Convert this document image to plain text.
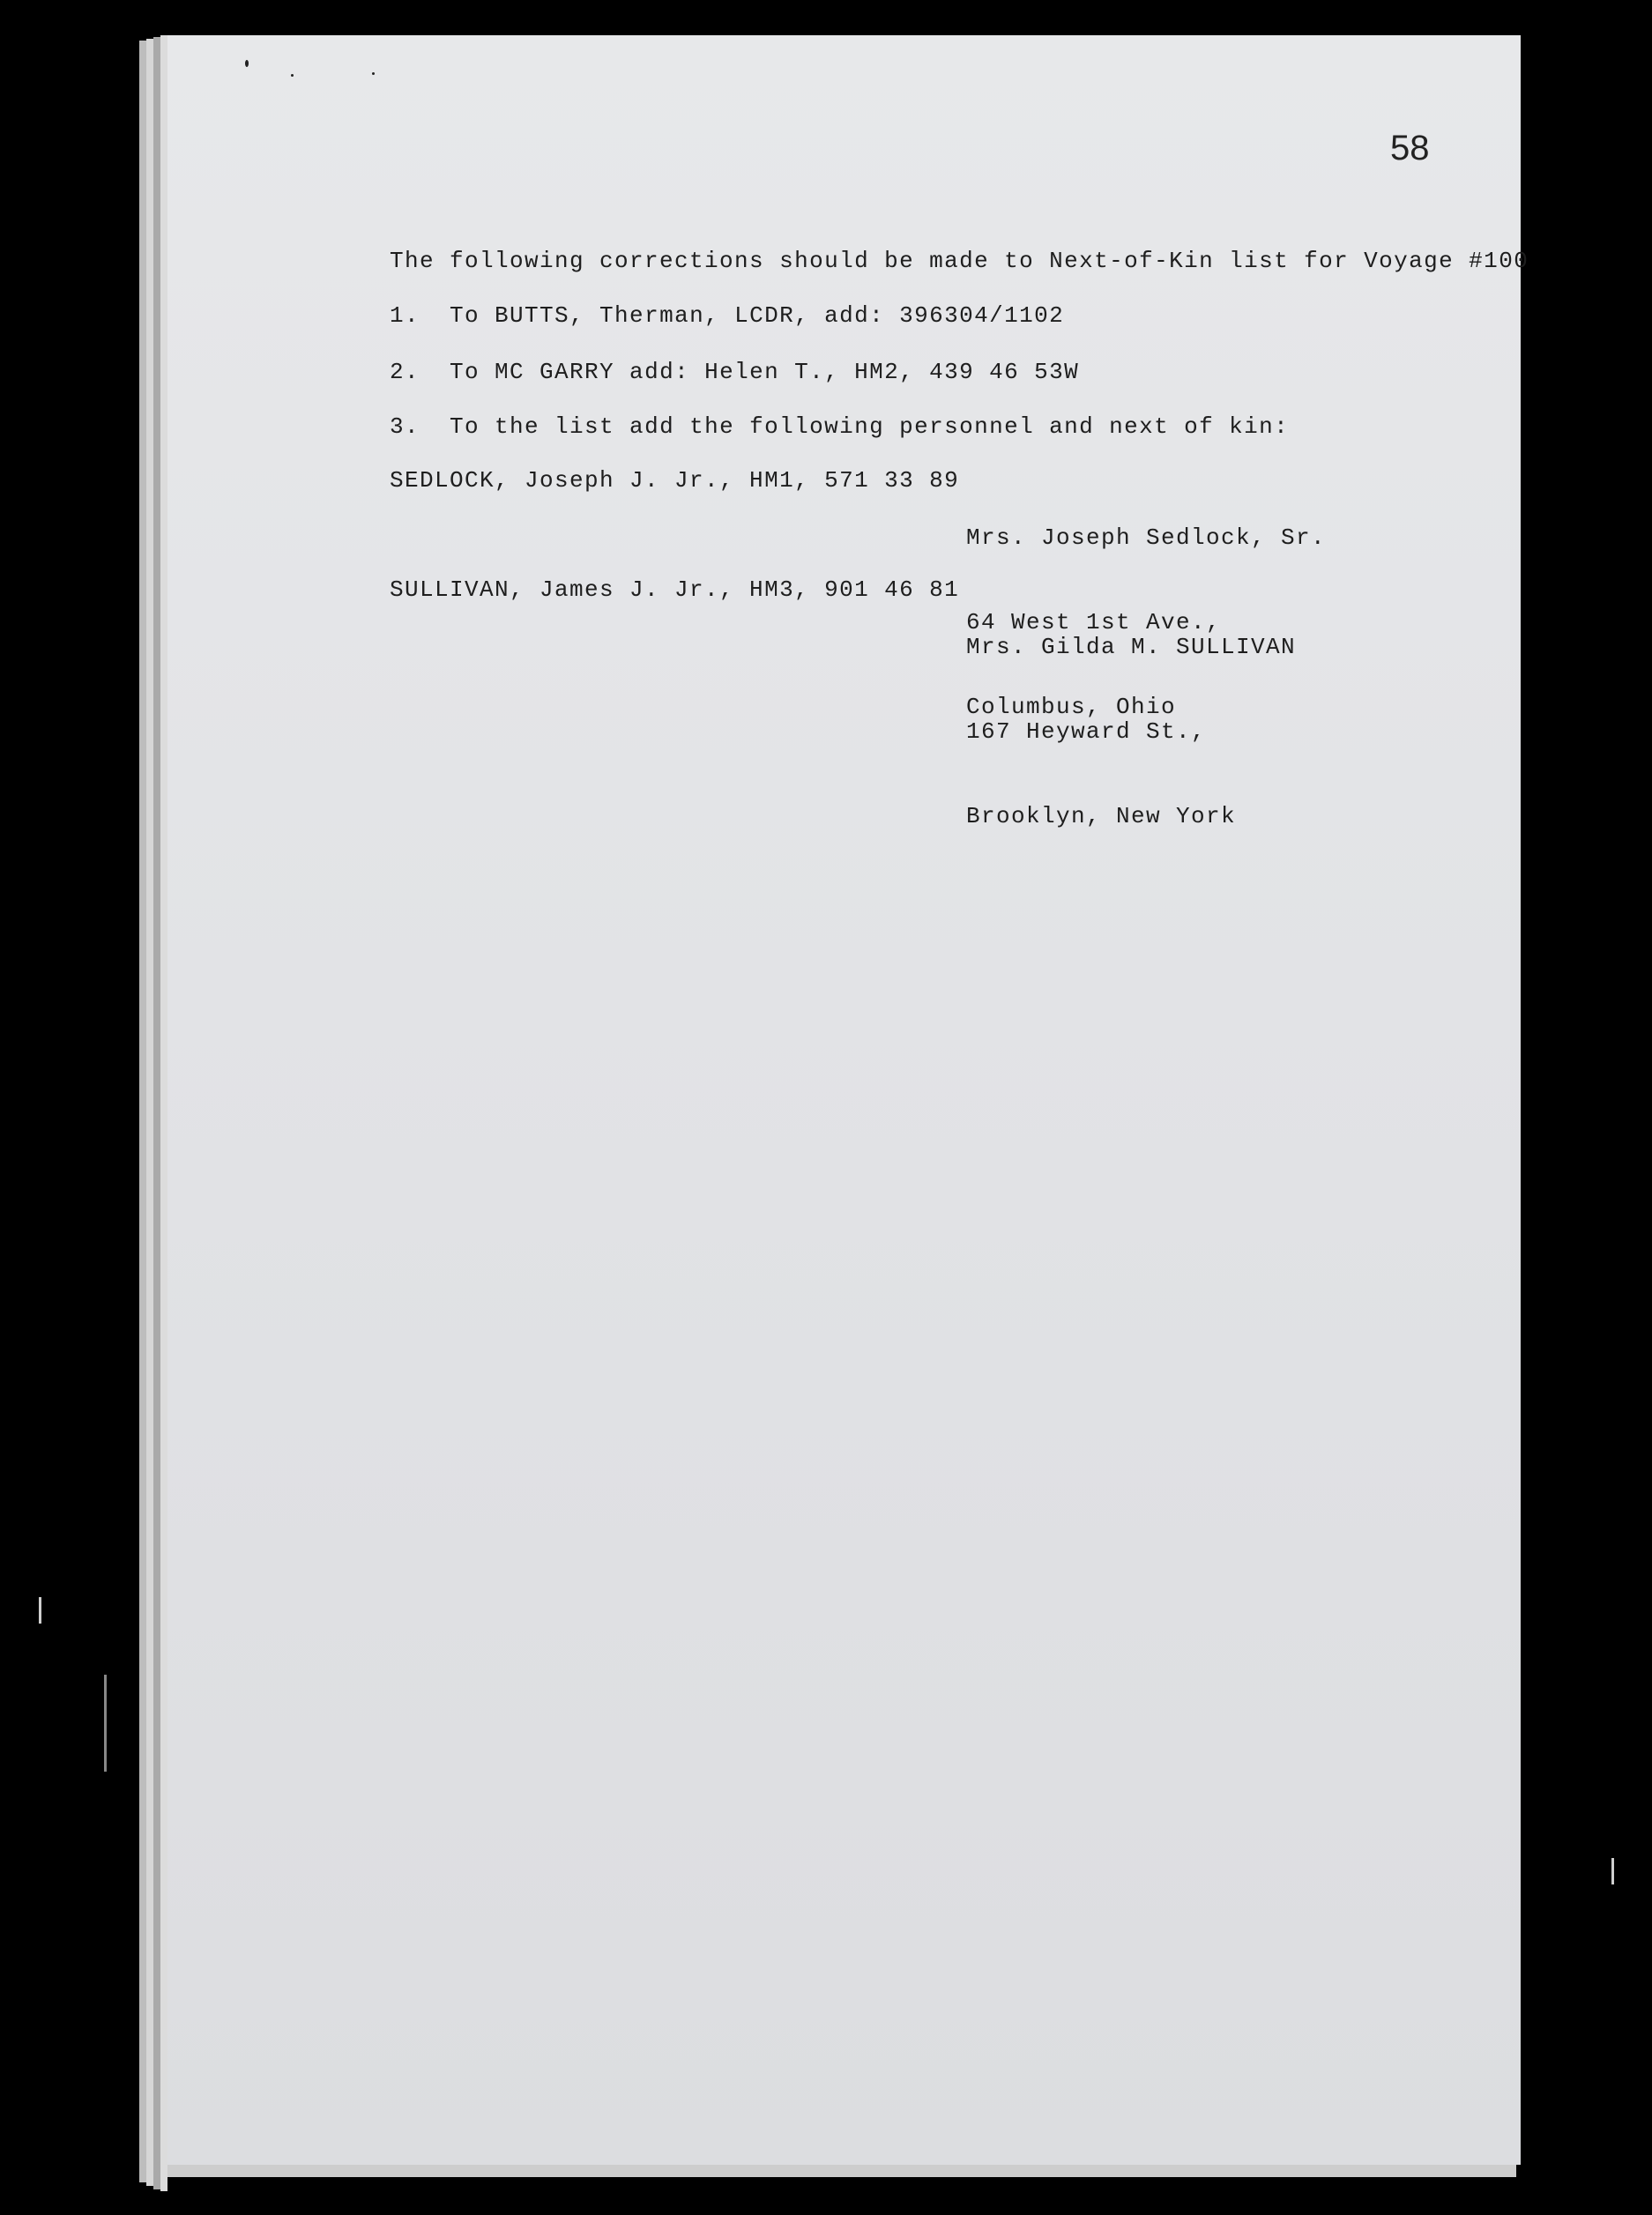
58
The following corrections should be made to Next-of-Kin list for Voyage #100
1. To BUTTS, Therman, LCDR, add: 396304/1102
2. To MC GARRY add: Helen T., HM2, 439 46 53W
3. To the list add the following personnel and next of kin:
SEDLOCK, Joseph J. Jr., HM1, 571 33 89

Mrs. Joseph Sedlock, Sr.

64 West 1st Ave.,

Columbus, Ohio

SULLIVAN, James J. Jr., HM3, 901 46 81

Mrs. Gilda M. SULLIVAN

167 Heyward St.,

Brooklyn, New York
